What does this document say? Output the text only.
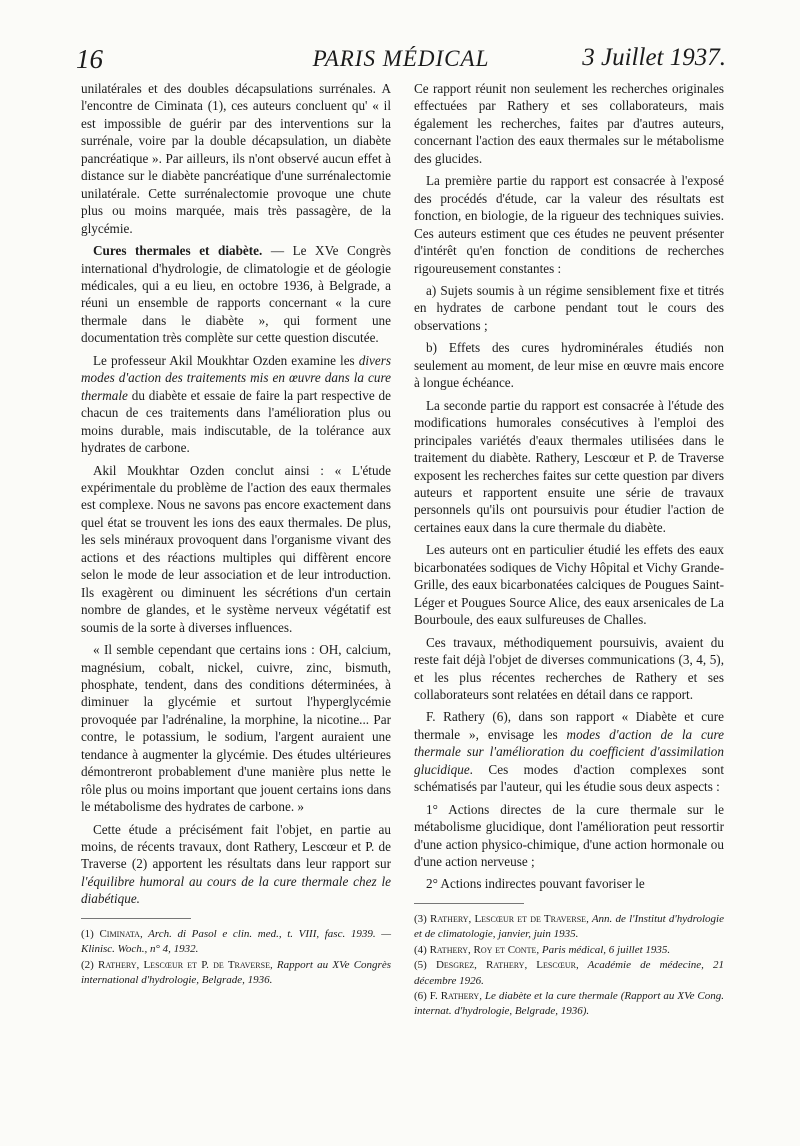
16	PARIS MÉDICAL	3 Juillet 1937.

unilatérales et des doubles décapsulations surrénales. A l'encontre de Ciminata (1), ces auteurs concluent qu' « il est impossible de guérir par des interventions sur la surrénale, voire par la double décapsulation, un diabète pancréatique ». Par ailleurs, ils n'ont observé aucun effet à distance sur le diabète pancréatique d'une surrénalectomie unilatérale. Cette surrénalectomie provoque une chute plus ou moins marquée, mais très passagère, de la glycémie.

Cures thermales et diabète. — Le XVe Congrès international d'hydrologie, de climatologie et de géologie médicales, qui a eu lieu, en octobre 1936, à Belgrade, a réuni un ensemble de rapports concernant « la cure thermale dans le diabète », qui forment une documentation très complète sur cette question discutée.

Le professeur Akil Moukhtar Ozden examine les divers modes d'action des traitements mis en œuvre dans la cure thermale du diabète et essaie de faire la part respective de chacun de ces traitements dans l'amélioration plus ou moins durable, mais indiscutable, de la tolérance aux hydrates de carbone.

Akil Moukhtar Ozden conclut ainsi : « L'étude expérimentale du problème de l'action des eaux thermales est complexe. Nous ne savons pas encore exactement dans quel état se trouvent les ions des eaux thermales. De plus, les sels minéraux provoquent dans l'organisme vivant des actions et des réactions multiples qui diffèrent encore selon le mode de leur association et de leur introduction. Ils exagèrent ou diminuent les sécrétions d'un certain nombre de glandes, et le système nerveux végétatif est soumis de la sorte à diverses influences.

« Il semble cependant que certains ions : OH, calcium, magnésium, cobalt, nickel, cuivre, zinc, bismuth, phosphate, tendent, dans des conditions déterminées, à diminuer la glycémie et surtout l'hyperglycémie provoquée par l'adrénaline, la morphine, la nicotine... Par contre, le potassium, le sodium, l'argent auraient une tendance à augmenter la glycémie. Des études ultérieures démontreront probablement d'une manière plus nette le rôle plus ou moins important que jouent certains ions dans le métabolisme des hydrates de carbone. »

Cette étude a précisément fait l'objet, en partie au moins, de récents travaux, dont Rathery, Lescœur et P. de Traverse (2) apportent les résultats dans leur rapport sur l'équilibre humoral au cours de la cure thermale chez le diabétique.

(1) Ciminata, Arch. di Pasol e clin. med., t. VIII, fasc. 1939. — Klinisc. Woch., n° 4, 1932.

(2) Rathery, Lescœur et P. de Traverse, Rapport au XVe Congrès international d'hydrologie, Belgrade, 1936.

Ce rapport réunit non seulement les recherches originales effectuées par Rathery et ses collaborateurs, mais également les recherches, faites par d'autres auteurs, concernant l'action des eaux thermales sur le métabolisme des glucides.

La première partie du rapport est consacrée à l'exposé des procédés d'étude, car la valeur des résultats est fonction, en biologie, de la rigueur des techniques suivies. Ces auteurs estiment que ces études ne peuvent présenter d'intérêt qu'en fonction de conditions de recherches rigoureusement constantes :

a) Sujets soumis à un régime sensiblement fixe et titrés en hydrates de carbone pendant tout le cours des observations ;

b) Effets des cures hydrominérales étudiés non seulement au moment, de leur mise en œuvre mais encore à longue échéance.

La seconde partie du rapport est consacrée à l'étude des modifications humorales consécutives à l'emploi des principales variétés d'eaux thermales utilisées dans le traitement du diabète. Rathery, Lescœur et P. de Traverse exposent les recherches faites sur cette question par divers auteurs et rapportent ensuite une série de travaux personnels qu'ils ont poursuivis pour étudier l'action de certaines eaux dans la cure thermale du diabète.

Les auteurs ont en particulier étudié les effets des eaux bicarbonatées sodiques de Vichy Hôpital et Vichy Grande-Grille, des eaux bicarbonatées calciques de Pougues Saint-Léger et Pougues Source Alice, des eaux arsenicales de La Bourboule, des eaux sulfureuses de Challes.

Ces travaux, méthodiquement poursuivis, avaient du reste fait déjà l'objet de diverses communications (3, 4, 5), et les plus récentes recherches de Rathery et ses collaborateurs sont relatées en détail dans ce rapport.

F. Rathery (6), dans son rapport « Diabète et cure thermale », envisage les modes d'action de la cure thermale sur l'amélioration du coefficient d'assimilation glucidique. Ces modes d'action complexes sont schématisés par l'auteur, qui les étudie sous deux aspects :

1° Actions directes de la cure thermale sur le métabolisme glucidique, dont l'amélioration peut ressortir d'une action physico-chimique, d'une action hormonale ou d'une action nerveuse ;

2° Actions indirectes pouvant favoriser le

(3) Rathery, Lescœur et de Traverse, Ann. de l'Institut d'hydrologie et de climatologie, janvier, juin 1935.

(4) Rathery, Roy et Conte, Paris médical, 6 juillet 1935.

(5) Desgrez, Rathery, Lescœur, Académie de médecine, 21 décembre 1926.

(6) F. Rathery, Le diabète et la cure thermale (Rapport au XVe Cong. internat. d'hydrologie, Belgrade, 1936).
